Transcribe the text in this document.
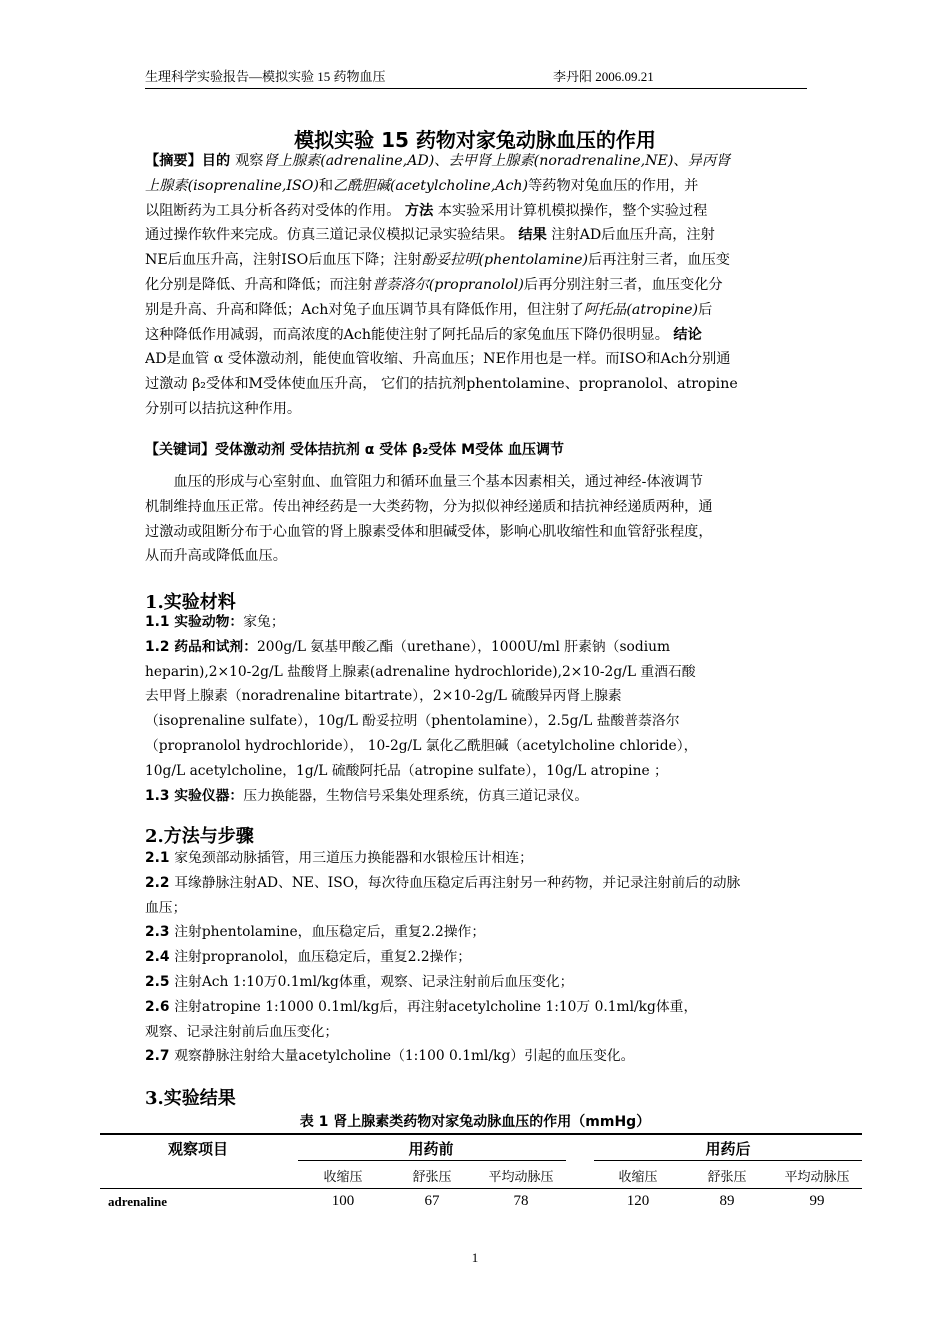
生理科学实验报告—模拟实验 15 药物血压	李丹阳 2006.09.21
模拟实验 15 药物对家兔动脉血压的作用
【摘要】目的 观察肾上腺素(adrenaline,AD)、去甲肾上腺素(noradrenaline,NE)、异丙肾
上腺素(isoprenaline,ISO)和乙酰胆碱(acetylcholine,Ach)等药物对兔血压的作用，并
以阻断药为工具分析各药对受体的作用。 方法 本实验采用计算机模拟操作，整个实验过程
通过操作软件来完成。仿真三道记录仪模拟记录实验结果。 结果 注射AD后血压升高，注射
NE后血压升高，注射ISO后血压下降；注射酚妥拉明(phentolamine)后再注射三者，血压变
化分别是降低、升高和降低；而注射普萘洛尔(propranolol)后再分别注射三者，血压变化分
别是升高、升高和降低；Ach对兔子血压调节具有降低作用，但注射了阿托品(atropine)后
这种降低作用减弱，而高浓度的Ach能使注射了阿托品后的家兔血压下降仍很明显。 结论
AD是血管 α 受体激动剂，能使血管收缩、升高血压；NE作用也是一样。而ISO和Ach分别通
过激动 β₂受体和M受体使血压升高， 它们的拮抗剂phentolamine、propranolol、atropine
分别可以拮抗这种作用。
【关键词】受体激动剂 受体拮抗剂 α 受体 β₂受体 M受体 血压调节
　　血压的形成与心室射血、血管阻力和循环血量三个基本因素相关，通过神经-体液调节
机制维持血压正常。传出神经药是一大类药物，分为拟似神经递质和拮抗神经递质两种，通
过激动或阻断分布于心血管的肾上腺素受体和胆碱受体，影响心肌收缩性和血管舒张程度，
从而升高或降低血压。
1.实验材料
1.1 实验动物：家兔；
1.2 药品和试剂：200g/L 氨基甲酸乙酯（urethane），1000U/ml 肝素钠（sodium
heparin),2×10-2g/L 盐酸肾上腺素(adrenaline hydrochloride),2×10-2g/L 重酒石酸
去甲肾上腺素（noradrenaline bitartrate），2×10-2g/L 硫酸异丙肾上腺素
（isoprenaline sulfate），10g/L 酚妥拉明（phentolamine），2.5g/L 盐酸普萘洛尔
（propranolol hydrochloride）， 10-2g/L 氯化乙酰胆碱（acetylcholine chloride），
10g/L acetylcholine，1g/L 硫酸阿托品（atropine sulfate），10g/L atropine ；
1.3 实验仪器：压力换能器，生物信号采集处理系统，仿真三道记录仪。
2.方法与步骤
2.1 家兔颈部动脉插管，用三道压力换能器和水银检压计相连；
2.2 耳缘静脉注射AD、NE、ISO，每次待血压稳定后再注射另一种药物，并记录注射前后的动脉
血压；
2.3 注射phentolamine，血压稳定后，重复2.2操作；
2.4 注射propranolol，血压稳定后，重复2.2操作；
2.5 注射Ach 1:10万0.1ml/kg体重，观察、记录注射前后血压变化；
2.6 注射atropine 1:1000 0.1ml/kg后，再注射acetylcholine 1:10万 0.1ml/kg体重，
观察、记录注射前后血压变化；
2.7 观察静脉注射给大量acetylcholine（1:100 0.1ml/kg）引起的血压变化。
3.实验结果
表 1 肾上腺素类药物对家兔动脉血压的作用（mmHg）
观察项目	用药前	用药后
收缩压	舒张压	平均动脉压	收缩压	舒张压	平均动脉压
adrenaline	100	67	78	120	89	99
1
